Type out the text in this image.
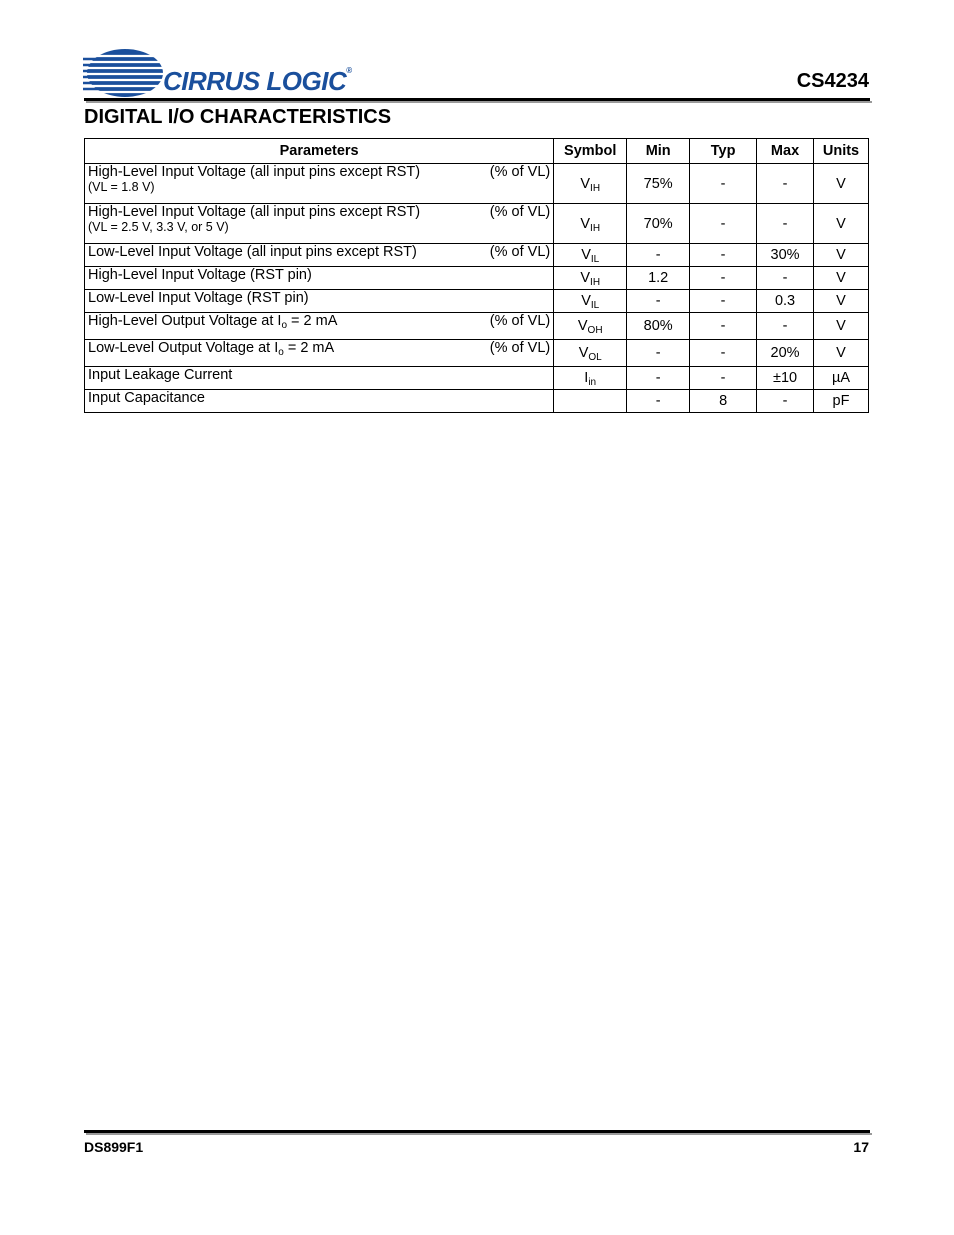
CIRRUS LOGIC®	CS4234
DIGITAL I/O CHARACTERISTICS
Parameters	Symbol	Min	Typ	Max	Units

High-Level Input Voltage (all input pins except $\overline{RST}$) (% of VL)
(VL = 1.8 V)	$V_{IH}$	75%	-	-	V

High-Level Input Voltage (all input pins except $\overline{RST}$) (% of VL)
(VL = 2.5 V, 3.3 V, or 5 V)	$V_{IH}$	70%	-	-	V

Low-Level Input Voltage (all input pins except $\overline{RST}$) (% of VL)	$V_{IL}$	-	-	30%	V

High-Level Input Voltage ($\overline{RST}$ pin)	$V_{IH}$	1.2	-	-	V

Low-Level Input Voltage ($\overline{RST}$ pin)	$V_{IL}$	-	-	0.3	V

High-Level Output Voltage at $I_o = 2$ mA (% of VL)	$V_{OH}$	80%	-	-	V

Low-Level Output Voltage at $I_o = 2$ mA (% of VL)	$V_{OL}$	-	-	20%	V

Input Leakage Current	$I_{in}$	-	-	±10	µA

Input Capacitance		-	8	-	pF
DS899F1	17
